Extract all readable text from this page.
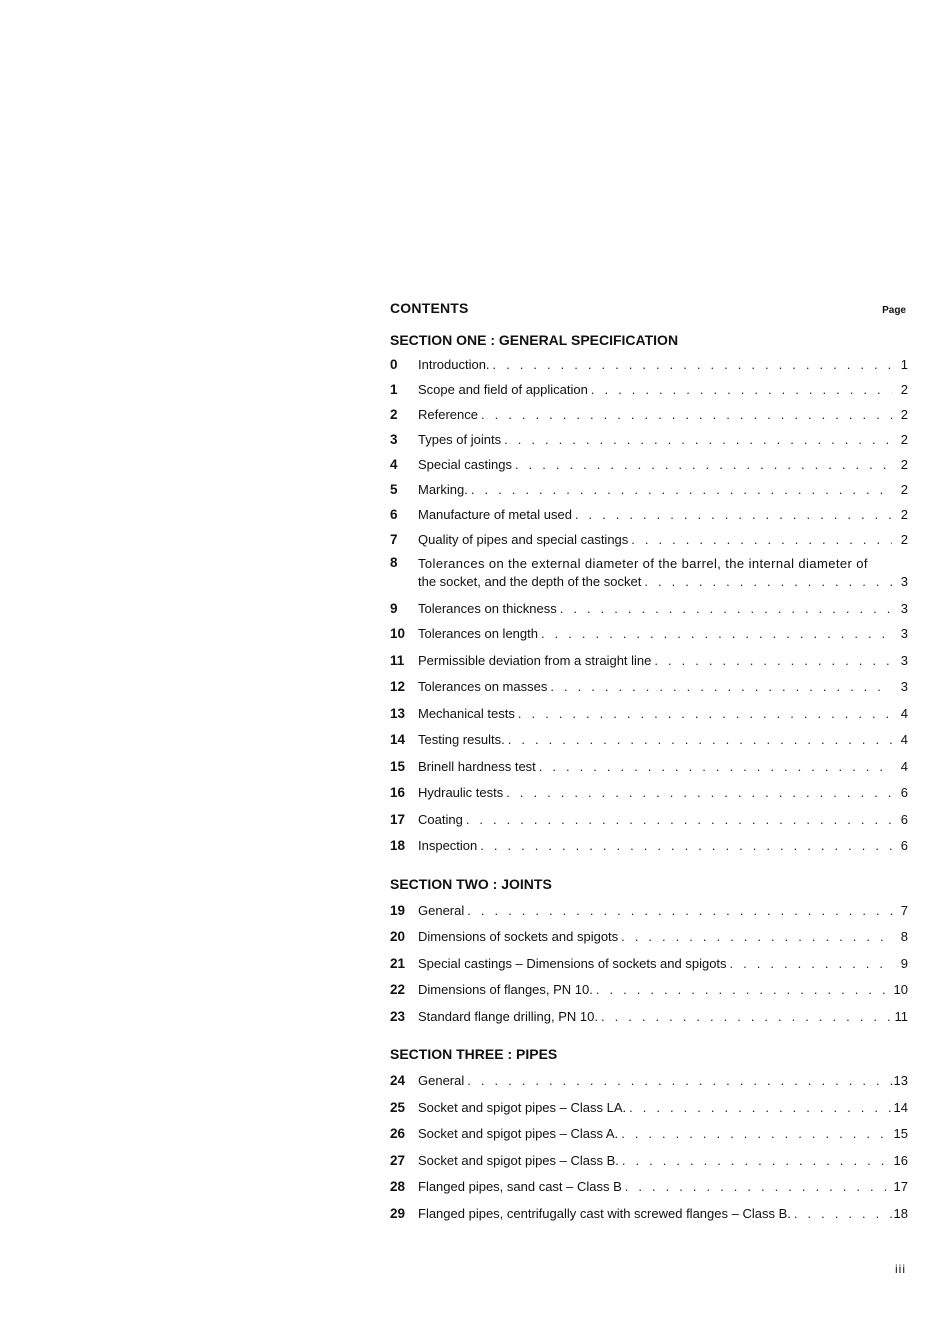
CONTENTS	Page
SECTION ONE : GENERAL SPECIFICATION
0	Introduction. . . .	1
1	Scope and field of application . . .	2
2	Reference . . .	2
3	Types of joints . . .	2
4	Special castings . . .	2
5	Marking. . . .	2
6	Manufacture of metal used . . .	2
7	Quality of pipes and special castings . . .	2
8	Tolerances on the external diameter of the barrel, the internal diameter of
the socket, and the depth of the socket . . .	3
9	Tolerances on thickness . . .	3
10 Tolerances on length . . .	3
11	Permissible deviation from a straight line . . .	3
12 Tolerances on masses . . .	3
13 Mechanical tests . . .	4
14 Testing results. . . .	4
15 Brinell hardness test . . .	4
16 Hydraulic tests . . .	6
17 Coating . . .	6
18 Inspection . . .	6
SECTION TWO : JOINTS
19 General . . .	7
20 Dimensions of sockets and spigots . . .	8
21 Special castings – Dimensions of sockets and spigots . . .	9
22 Dimensions of flanges, PN 10. . . .	10
23 Standard flange drilling, PN 10. . . .	11
SECTION THREE : PIPES
24 General . . .	13
25 Socket and spigot pipes – Class LA. . . .	14
26 Socket and spigot pipes – Class A. . . .	15
27 Socket and spigot pipes – Class B. . . .	16
28 Flanged pipes, sand cast – Class B . . .	17
29 Flanged pipes, centrifugally cast with screwed flanges – Class B. . . .	18
iii
